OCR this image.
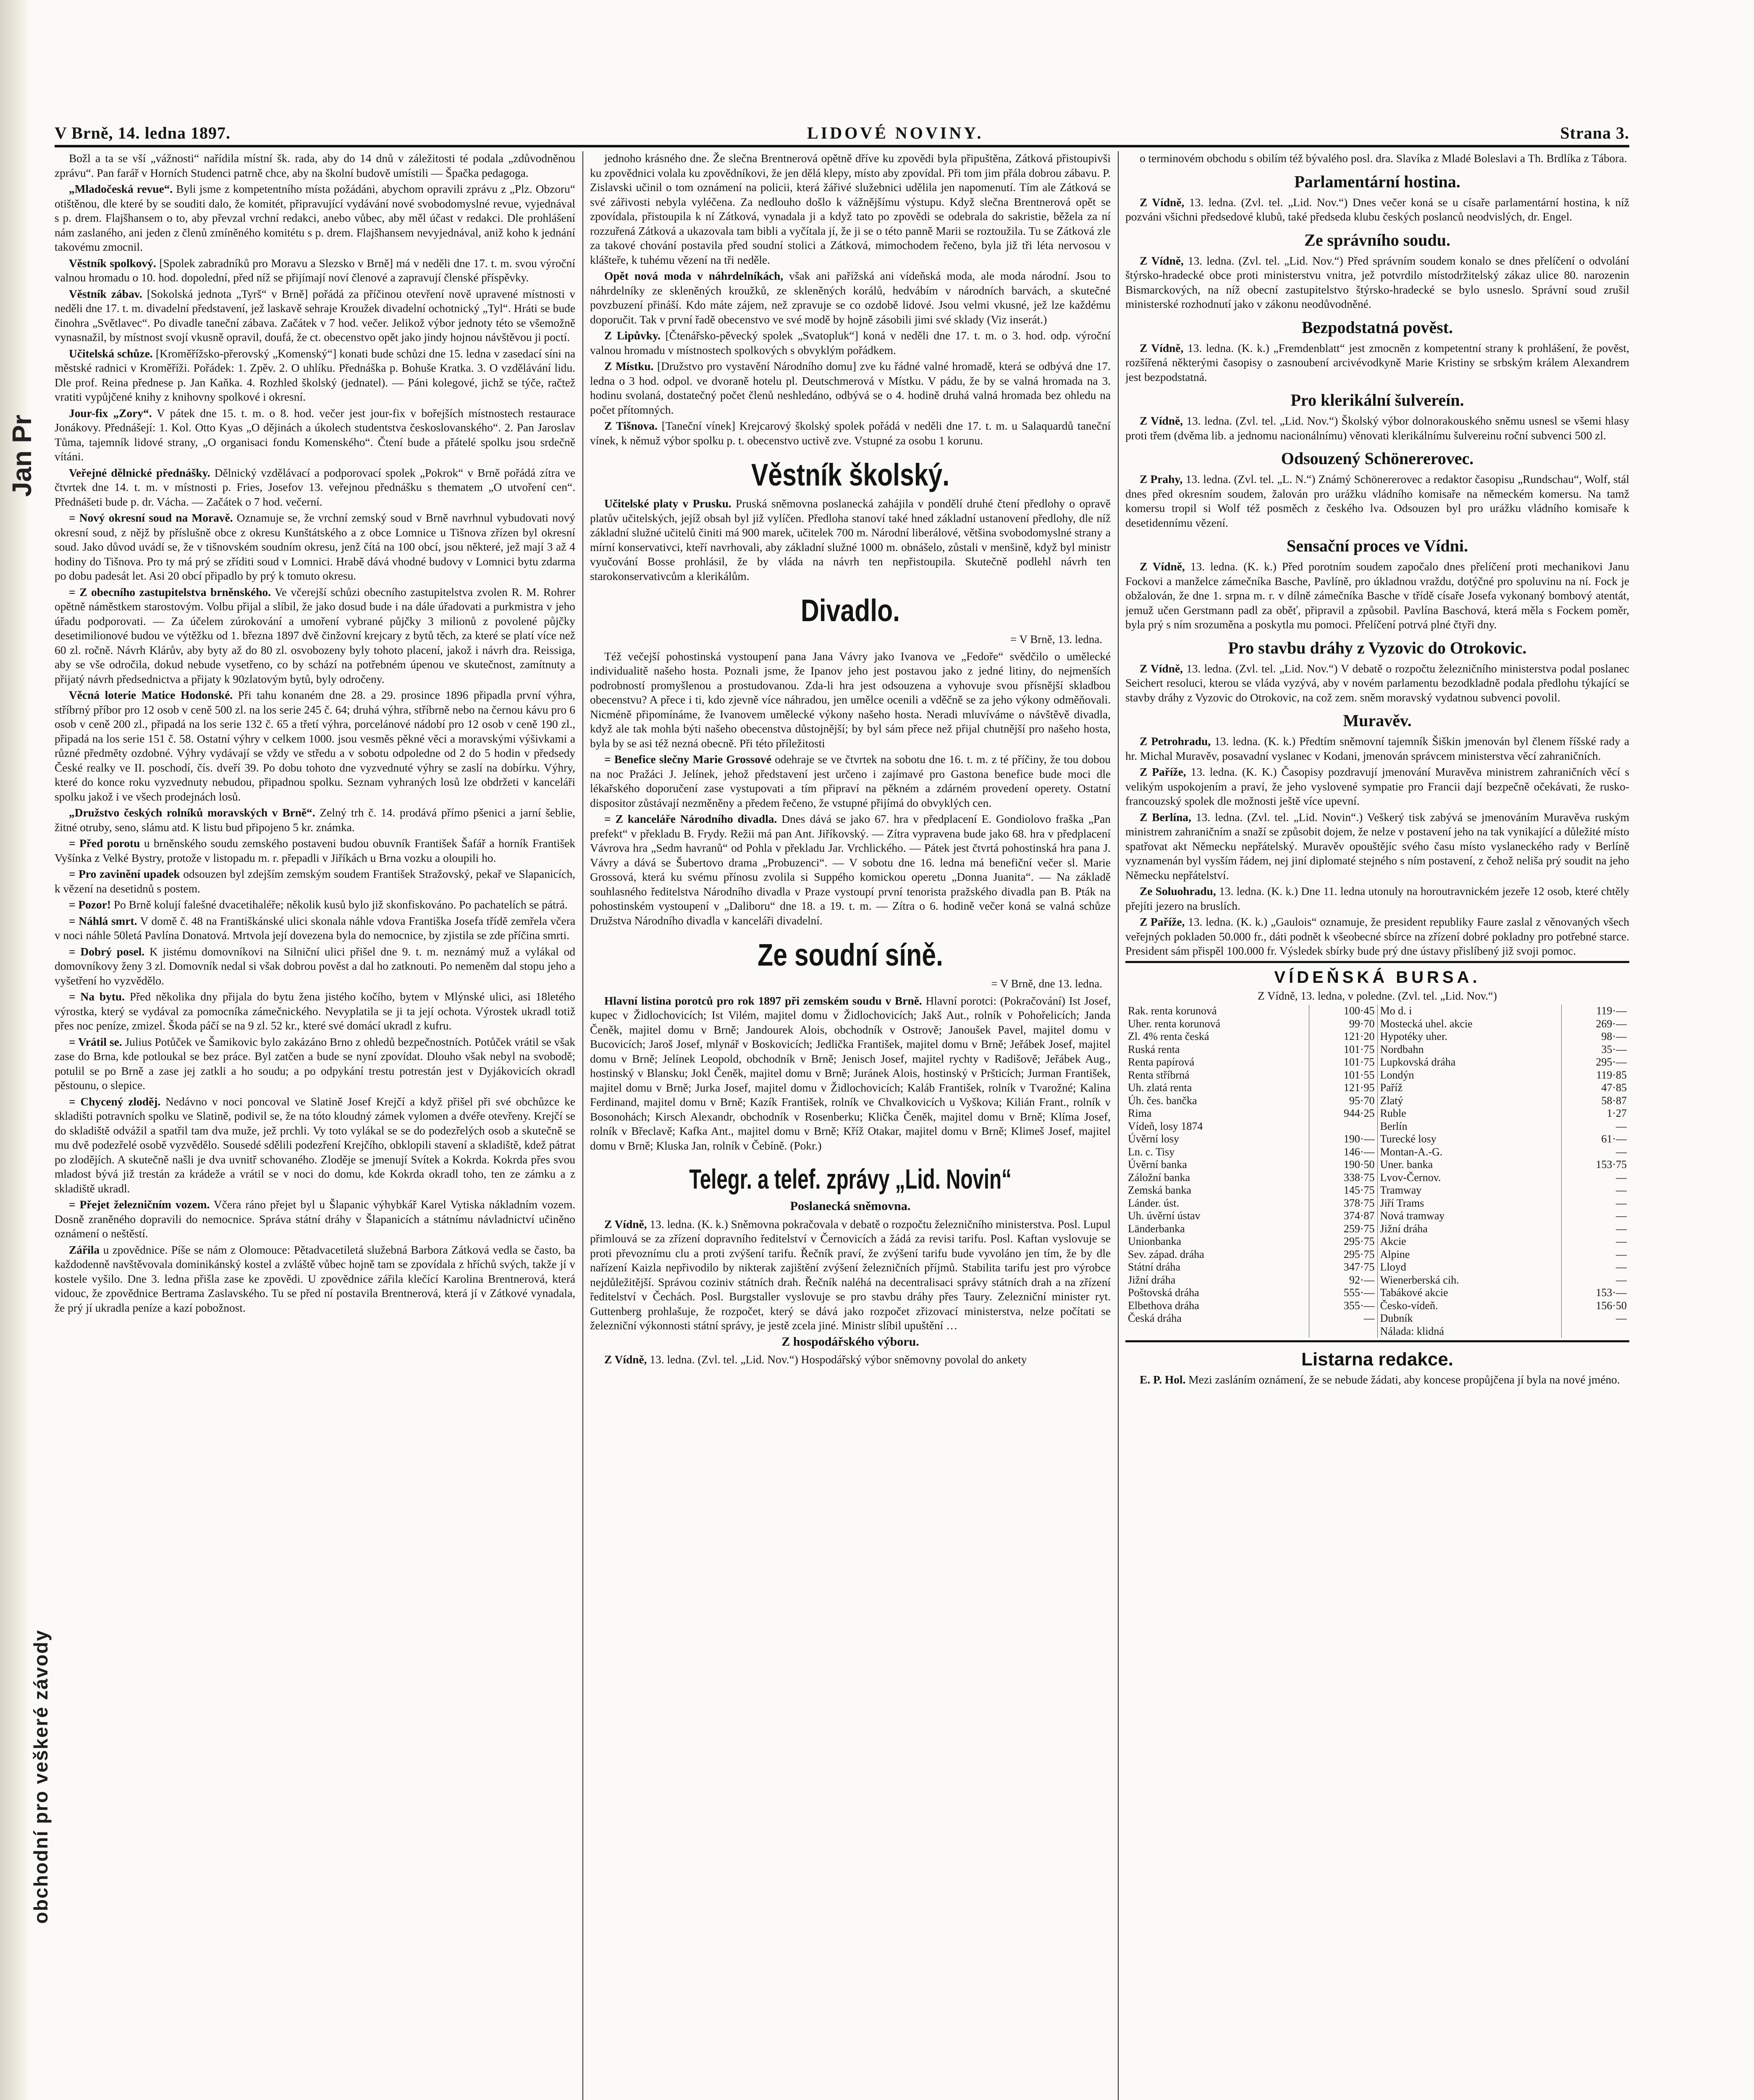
Jan Pr
obchodní pro veškeré závody
V Brně, 14. ledna 1897.	LIDOVÉ NOVINY.	Strana 3.

Božl a ta se vší „vážnosti“ nařídila místní šk. rada, aby do 14 dnů v záležitosti té podala „zdůvodněnou zprávu“. Pan farář v Horních Studenci patrně chce, aby na školní budově umístili — Špačka pedagoga.

„Mladočeská revue“. Byli jsme z kompetentního místa požádáni, abychom opravili zprávu z „Plz. Obzoru“ otištěnou, dle které by se souditi dalo, že komitét, připravující vydávání nové svobodomyslné revue, vyjednával s p. drem. Flajšhansem o to, aby převzal vrchní redakci, anebo vůbec, aby měl účast v redakci. Dle prohlášení nám zaslaného, ani jeden z členů zmíněného komitétu s p. drem. Flajšhansem nevyjednával, aniž koho k jednání takovému zmocnil.

Věstník spolkový. [Spolek zabradníků pro Moravu a Slezsko v Brně] má v neděli dne 17. t. m. svou výroční valnou hromadu o 10. hod. dopolední, před níž se přijímají noví členové a zapravují členské příspěvky.

Věstník zábav. [Sokolská jednota „Tyrš“ v Brně] pořádá za příčinou otevření nově upravené místnosti v neděli dne 17. t. m. divadelní představení, jež laskavě sehraje Kroužek divadelní ochotnický „Tyl“. Hráti se bude činohra „Světlavec“. Po divadle taneční zábava. Začátek v 7 hod. večer. Jelikož výbor jednoty této se všemožně vynasnažil, by místnost svojí vkusně opravil, doufá, že ct. obecenstvo opět jako jindy hojnou návštěvou ji poctí.

Učitelská schůze. [Kroměřížsko-přerovský „Komenský“] konati bude schůzi dne 15. ledna v zasedací síni na městské radnici v Kroměříži. Pořádek: 1. Zpěv. 2. O uhlíku. Přednáška p. Bohuše Kratka. 3. O vzdělávání lidu. Dle prof. Reina přednese p. Jan Kaňka. 4. Rozhled školský (jednatel). — Páni kolegové, jichž se týče, račtež vratiti vypůjčené knihy z knihovny spolkové i okresní.

Jour-fix „Zory“. V pátek dne 15. t. m. o 8. hod. večer jest jour-fix v bořejších místnostech restaurace Jonákovy. Přednášejí: 1. Kol. Otto Kyas „O dějinách a úkolech studentstva českoslovanského“. 2. Pan Jaroslav Tůma, tajemník lidové strany, „O organisaci fondu Komenského“. Čtení bude a přátelé spolku jsou srdečně vítáni.

Veřejné dělnické přednášky. Dělnický vzdělávací a podporovací spolek „Pokrok“ v Brně pořádá zítra ve čtvrtek dne 14. t. m. v místnosti p. Fries, Josefov 13. veřejnou přednášku s thematem „O utvoření cen“. Přednášeti bude p. dr. Vácha. — Začátek o 7 hod. večerní.

= Nový okresní soud na Moravě. Oznamuje se, že vrchní zemský soud v Brně navrhnul vybudovati nový okresní soud, z nějž by příslušně obce z okresu Kunštátského a z obce Lomnice u Tišnova zřízen byl okresní soud. Jako důvod uvádí se, že v tišnovském soudním okresu, jenž čítá na 100 obcí, jsou některé, jež mají 3 až 4 hodiny do Tišnova. Pro ty má prý se zříditi soud v Lomnici. Hrabě dává vhodné budovy v Lomnici bytu zdarma po dobu padesát let. Asi 20 obcí připadlo by prý k tomuto okresu.

= Z obecního zastupitelstva brněnského. Ve včerejší schůzi obecního zastupitelstva zvolen R. M. Rohrer opětně náměstkem starostovým. Volbu přijal a slíbil, že jako dosud bude i na dále úřadovati a purkmistra v jeho úřadu podporovati. — Za účelem zúrokování a umoření vybrané půjčky 3 milionů z povolené půjčky desetimilionové budou ve výtěžku od 1. března 1897 dvě činžovní krejcary z bytů těch, za které se platí více než 60 zl. ročně. Návrh Klárův, aby byty až do 80 zl. osvobozeny byly tohoto placení, jakož i návrh dra. Reissiga, aby se vše odročila, dokud nebude vysetřeno, co by schází na potřebném úpenou ve skutečnost, zamítnuty a přijatý návrh předsednictva a přijaty k 90zlatovým bytů, byly odročeny.

Věcná loterie Matice Hodonské. Při tahu konaném dne 28. a 29. prosince 1896 připadla první výhra, stříbrný příbor pro 12 osob v ceně 500 zl. na los serie 245 č. 64; druhá výhra, stříbrně nebo na černou kávu pro 6 osob v ceně 200 zl., připadá na los serie 132 č. 65 a třetí výhra, porcelánové nádobí pro 12 osob v ceně 190 zl., připadá na los serie 151 č. 58. Ostatní výhry v celkem 1000. jsou vesměs pěkné věci a moravskými výšivkami a různé předměty ozdobné. Výhry vydávají se vždy ve středu a v sobotu odpoledne od 2 do 5 hodin v předsedy České realky ve II. poschodí, čís. dveří 39. Po dobu tohoto dne vyzvednuté výhry se zaslí na dobírku. Výhry, které do konce roku vyzvednuty nebudou, připadnou spolku. Seznam vyhraných losů lze obdržeti v kanceláři spolku jakož i ve všech prodejnách losů.

„Družstvo českých rolníků moravských v Brně“. Zelný trh č. 14. prodává přímo pšenici a jarní šeblie, žitné otruby, seno, slámu atd. K listu bud připojeno 5 kr. známka.

= Před porotu u brněnského soudu zemského postaveni budou obuvník František Šafář a horník František Vyšínka z Velké Bystry, protože v listopadu m. r. přepadli v Jiříkách u Brna vozku a oloupili ho.

= Pro zavinění upadek odsouzen byl zdejším zemským soudem František Stražovský, pekař ve Slapanicích, k vězení na desetidnů s postem.

= Pozor! Po Brně kolují falešné dvacetihaléře; několik kusů bylo již skonfiskováno. Po pachatelích se pátrá.

= Náhlá smrt. V domě č. 48 na Františkánské ulici skonala náhle vdova Františka Josefa třídě zemřela včera v noci náhle 50letá Pavlína Donatová. Mrtvola její dovezena byla do nemocnice, by zjistila se zde příčina smrti.

= Dobrý posel. K jistému domovníkovi na Silniční ulici přišel dne 9. t. m. neznámý muž a vylákal od domovníkovy ženy 3 zl. Domovník nedal si však dobrou pověst a dal ho zatknouti. Po nemeněm dal stopu jeho a vyšetření ho vyzvědělo.

= Na bytu. Před několika dny přijala do bytu žena jistého kočího, bytem v Mlýnské ulici, asi 18letého výrostka, který se vydával za pomocníka zámečnického. Nevyplatila se ji ta její ochota. Výrostek ukradl totiž přes noc peníze, zmizel. Škoda páčí se na 9 zl. 52 kr., které své domácí ukradl z kufru.

= Vrátil se. Julius Potůček ve Šamikovic bylo zakázáno Brno z ohledů bezpečnostních. Potůček vrátil se však zase do Brna, kde potloukal se bez práce. Byl zatčen a bude se nyní zpovídat. Dlouho však nebyl na svobodě; potulil se po Brně a zase jej zatkli a ho soudu; a po odpykání trestu potrestán jest v Dyjákovicích okradl pěstounu, o slepice.

= Chycený zloděj. Nedávno v noci poncoval ve Slatině Josef Krejčí a když přišel při své obchůzce ke skladišti potravních spolku ve Slatině, podivil se, že na tóto kloudný zámek vylomen a dvéře otevřeny. Krejčí se do skladiště odvážil a spatřil tam dva muže, jež prchli. Vy toto vylákal se se do podezřelých osob a skutečně se mu dvě podezřelé osobě vyzvědělo. Sousedé sdělili podezření Krejčího, obklopili stavení a skladiště, kdež pátrat po zlodějích. A skutečně našli je dva uvnitř schovaného. Zloděje se jmenují Svítek a Kokrda. Kokrda přes svou mladost bývá již trestán za krádeže a vrátil se v noci do domu, kde Kokrda okradl toho, ten ze zámku a z skladiště ukradl.

= Přejet železničním vozem. Včera ráno přejet byl u Šlapanic výhybkář Karel Vytiska nákladním vozem. Dosně zraněného dopravili do nemocnice. Správa státní dráhy v Šlapanicích a státnímu návladnictví učiněno oznámení o neštěstí.

Zářila u zpovědnice. Píše se nám z Olomouce: Pětadvacetiletá služebná Barbora Zátková vedla se často, ba každodenně navštěvovala dominikánský kostel a zvláště vůbec hojně tam se zpovídala z hříchů svých, takže jí v kostele vyšilo. Dne 3. ledna přišla zase ke zpovědi. U zpovědnice zářila klečící Karolina Brentnerová, která vidouc, že zpovědnice Bertrama Zaslavského. Tu se před ní postavila Brentnerová, která jí v Zátkové vynadala, že prý jí ukradla peníze a kazí pobožnost.

jednoho krásného dne. Že slečna Brentnerová opětně dříve ku zpovědi byla připuštěna, Zátková přistoupivši ku zpovědnici volala ku zpovědníkovi, že jen dělá klepy, místo aby zpovídal. Při tom jim přála dobrou zábavu. P. Zislavski učinil o tom oznámení na policii, která žářivé služebnici udělila jen napomenutí. Tím ale Zátková se své zářivosti nebyla vyléčena. Za nedlouho došlo k vážnějšímu výstupu. Když slečna Brentnerová opět se zpovídala, přistoupila k ní Zátková, vynadala ji a když tato po zpovědi se odebrala do sakristie, běžela za ní rozzuřená Zátková a ukazovala tam bibli a vyčítala jí, že ji se o této panně Marii se roztoužila. Tu se Zátková zle za takové chování postavila před soudní stolici a Zátková, mimochodem řečeno, byla již tři léta nervosou v klášteře, k tuhému vězení na tři neděle.

Opět nová moda v náhrdelníkách, však ani pařížská ani vídeňská moda, ale moda národní. Jsou to náhrdelníky ze skleněných kroužků, ze skleněných korálů, hedvábím v národních barvách, a skutečné povzbuzení přináší. Kdo máte zájem, než zpravuje se co ozdobě lidové. Jsou velmi vkusné, jež lze každému doporučit. Tak v první řadě obecenstvo ve své modě by hojně zásobili jimi své sklady (Viz inserát.)

Z Lipůvky. [Čtenářsko-pěvecký spolek „Svatopluk“] koná v neděli dne 17. t. m. o 3. hod. odp. výroční valnou hromadu v místnostech spolkových s obvyklým pořádkem.

Z Místku. [Družstvo pro vystavění Národního domu] zve ku řádné valné hromadě, která se odbývá dne 17. ledna o 3 hod. odpol. ve dvoraně hotelu pl. Deutschmerová v Místku. V pádu, že by se valná hromada na 3. hodinu svolaná, dostatečný počet členů neshledáno, odbývá se o 4. hodině druhá valná hromada bez ohledu na počet přítomných.

Z Tišnova. [Taneční vínek] Krejcarový školský spolek pořádá v neděli dne 17. t. m. u Salaquardů taneční vínek, k němuž výbor spolku p. t. obecenstvo uctivě zve. Vstupné za osobu 1 korunu.

Věstník školský.

Učitelské platy v Prusku. Pruská sněmovna poslanecká zahájila v pondělí druhé čtení předlohy o opravě platův učitelských, jejíž obsah byl již vylíčen. Předloha stanoví také hned základní ustanovení předlohy, dle níž základní služné učitelů činiti má 900 marek, učitelek 700 m. Národní liberálové, většina svobodomyslné strany a mírní konservativci, kteří navrhovali, aby základní služné 1000 m. obnášelo, zůstali v menšině, když byl ministr vyučování Bosse prohlásil, že by vláda na návrh ten nepřistoupila. Skutečně podlehl návrh ten starokonservativcům a klerikálům.

Divadlo.
= V Brně, 13. ledna.

Též večejší pohostinská vystoupení pana Jana Vávry jako Ivanova ve „Fedoře“ svědčilo o umělecké individualitě našeho hosta. Poznali jsme, že Ipanov jeho jest postavou jako z jedné litiny, do nejmenších podrobností promyšlenou a prostudovanou. Zda-li hra jest odsouzena a vyhovuje svou přísnější skladbou obecenstvu? A přece i ti, kdo zjevně více náhradou, jen umělce ocenili a vděčně se za jeho výkony odměňovali. Nicméně připomínáme, že Ivanovem umělecké výkony našeho hosta. Neradi mluvíváme o návštěvě divadla, když ale tak mohla býti našeho obecenstva důstojnější; by byl sám přece než přijal chutnější pro našeho hosta, byla by se asi též nezná obecně. Při této příležitosti

= Benefice slečny Marie Grossové odehraje se ve čtvrtek na sobotu dne 16. t. m. z té příčiny, že tou dobou na noc Pražáci J. Jelínek, jehož představení jest určeno i zajímavé pro Gastona benefice bude moci dle lékařského doporučení zase vystupovati a tím připraví na pěkném a zdárném provedení operety. Ostatní dispositor zůstávají nezměněny a předem řečeno, že vstupné přijímá do obvyklých cen.

= Z kanceláře Národního divadla. Dnes dává se jako 67. hra v předplacení E. Gondiolovo fraška „Pan prefekt“ v překladu B. Frydy. Režii má pan Ant. Jiříkovský. — Zítra vypravena bude jako 68. hra v předplacení Vávrova hra „Sedm havranů“ od Pohla v překladu Jar. Vrchlického. — Pátek jest čtvrtá pohostinská hra pana J. Vávry a dává se Šubertovo drama „Probuzenci“. — V sobotu dne 16. ledna má benefiční večer sl. Marie Grossová, která ku svému přínosu zvolila si Suppého komickou operetu „Donna Juanita“. — Na základě souhlasného ředitelstva Národního divadla v Praze vystoupí první tenorista pražského divadla pan B. Pták na pohostinském vystoupení v „Daliboru“ dne 18. a 19. t. m. — Zítra o 6. hodině večer koná se valná schůze Družstva Národního divadla v kanceláři divadelní.

Ze soudní síně.
= V Brně, dne 13. ledna.

Hlavní listina porotců pro rok 1897 při zemském soudu v Brně. Hlavní porotci: (Pokračování) Ist Josef, kupec v Židlochovicích; Ist Vilém, majitel domu v Židlochovicích; Jakš Aut., rolník v Pohořelicích; Janda Čeněk, majitel domu v Brně; Jandourek Alois, obchodník v Ostrově; Janoušek Pavel, majitel domu v Bucovicích; Jaroš Josef, mlynář v Boskovicích; Jedlička František, majitel domu v Brně; Jeřábek Josef, majitel domu v Brně; Jelínek Leopold, obchodník v Brně; Jenisch Josef, majitel rychty v Radišově; Jeřábek Aug., hostinský v Blansku; Jokl Čeněk, majitel domu v Brně; Juránek Alois, hostinský v Pršticích; Jurman František, majitel domu v Brně; Jurka Josef, majitel domu v Židlochovicích; Kaláb František, rolník v Tvarožné; Kalina Ferdinand, majitel domu v Brně; Kazík František, rolník ve Chvalkovicích u Vyškova; Kilián Frant., rolník v Bosonohách; Kirsch Alexandr, obchodník v Rosenberku; Klička Čeněk, majitel domu v Brně; Klíma Josef, rolník v Břeclavě; Kafka Ant., majitel domu v Brně; Kříž Otakar, majitel domu v Brně; Klimeš Josef, majitel domu v Brně; Kluska Jan, rolník v Čebíně. (Pokr.)

Telegr. a telef. zprávy „Lid. Novin“
Poslanecká sněmovna.

Z Vídně, 13. ledna. (K. k.) Sněmovna pokračovala v debatě o rozpočtu železničního ministerstva. Posl. Lupul přimlouvá se za zřízení dopravního ředitelství v Černovicích a žádá za revisi tarifu. Posl. Kaftan vyslovuje se proti převoznímu clu a proti zvýšení tarifu. Řečník praví, že zvýšení tarifu bude vyvoláno jen tím, že by dle nařízení Kaizla nepřivodilo by nikterak zajištění zvýšení železničních příjmů. Stabilita tarifu jest pro výrobce nejdůležitější. Správou coziniv státních drah. Řečník naléhá na decentralisaci správy státních drah a na zřízení ředitelství v Čechách. Posl. Burgstaller vyslovuje se pro stavbu dráhy přes Taury. Zelezniční minister ryt. Guttenberg prohlašuje, že rozpočet, který se dává jako rozpočet zřizovací ministerstva, nelze počítati se železniční výkonnosti státní správy, je jestě zcela jiné. Ministr slíbil upuštění …

Z hospodářského výboru.

Z Vídně, 13. ledna. (Zvl. tel. „Lid. Nov.“) Hospodářský výbor sněmovny povolal do ankety

o terminovém obchodu s obilím též bývalého posl. dra. Slavíka z Mladé Boleslavi a Th. Brdlíka z Tábora.

Parlamentární hostina.

Z Vídně, 13. ledna. (Zvl. tel. „Lid. Nov.“) Dnes večer koná se u císaře parlamentární hostina, k níž pozváni všichni předsedové klubů, také předseda klubu českých poslanců neodvislých, dr. Engel.

Ze správního soudu.

Z Vídně, 13. ledna. (Zvl. tel. „Lid. Nov.“) Před správním soudem konalo se dnes přelíčení o odvolání štýrsko-hradecké obce proti ministerstvu vnitra, jež potvrdilo místodržitelský zákaz ulice 80. narozenin Bismarckových, na níž obecní zastupitelstvo štýrsko-hradecké se bylo usneslo. Správní soud zrušil ministerské rozhodnutí jako v zákonu neodůvodněné.

Bezpodstatná pověst.

Z Vídně, 13. ledna. (K. k.) „Fremdenblatt“ jest zmocněn z kompetentní strany k prohlášení, že pověst, rozšířená některými časopisy o zasnoubení arcivévodkyně Marie Kristiny se srbským králem Alexandrem jest bezpodstatná.

Pro klerikální šulvereín.

Z Vídně, 13. ledna. (Zvl. tel. „Lid. Nov.“) Školský výbor dolnorakouského sněmu usnesl se všemi hlasy proti třem (dvěma lib. a jednomu nacionálnímu) věnovati klerikálnímu šulvereinu roční subvenci 500 zl.

Odsouzený Schönererovec.

Z Prahy, 13. ledna. (Zvl. tel. „L. N.“) Známý Schönererovec a redaktor časopisu „Rundschau“, Wolf, stál dnes před okresním soudem, žalován pro urážku vládního komisaře na německém komersu. Na tamž komersu tropil si Wolf též posměch z českého lva. Odsouzen byl pro urážku vládního komisaře k desetidennímu vězení.

Sensační proces ve Vídni.

Z Vídně, 13. ledna. (K. k.) Před porotním soudem započalo dnes přelíčení proti mechanikovi Janu Fockovi a manželce zámečníka Basche, Pavlíně, pro úkladnou vraždu, dotýčné pro spoluvinu na ní. Fock je obžalován, že dne 1. srpna m. r. v dílně zámečníka Basche v třídě císaře Josefa vykonaný bombový atentát, jemuž učen Gerstmann padl za oběť, připravil a způsobil. Pavlína Baschová, která měla s Fockem poměr, byla prý s ním srozuměna a poskytla mu pomoci. Přelíčení potrvá plné čtyři dny.

Pro stavbu dráhy z Vyzovic do Otrokovic.

Z Vídně, 13. ledna. (Zvl. tel. „Lid. Nov.“) V debatě o rozpočtu železničního ministerstva podal poslanec Seichert resoluci, kterou se vláda vyzývá, aby v novém parlamentu bezodkladně podala předlohu týkající se stavby dráhy z Vyzovic do Otrokovic, na což zem. sněm moravský vydatnou subvenci povolil.

Muravěv.

Z Petrohradu, 13. ledna. (K. k.) Předtím sněmovní tajemník Šiškin jmenován byl členem říšské rady a hr. Michal Muravěv, posavadní vyslanec v Kodani, jmenován správcem ministerstva věcí zahraničních.

Z Paříže, 13. ledna. (K. K.) Časopisy pozdravují jmenování Muravěva ministrem zahraničních věcí s velikým uspokojením a praví, že jeho vyslovené sympatie pro Francii dají bezpečně očekávati, že rusko-francouzský spolek dle možnosti ještě více upevní.

Z Berlína, 13. ledna. (Zvl. tel. „Lid. Novin“.) Veškerý tisk zabývá se jmenováním Muravěva ruským ministrem zahraničním a snaží se způsobit dojem, že nelze v postavení jeho na tak vynikající a důležité místo spatřovat akt Německu nepřátelský. Muravěv opouštějíc svého času místo vyslaneckého rady v Berlíně vyznamenán byl vysším řádem, nej jiní diplomaté stejného s ním postavení, z čehož neliša prý soudit na jeho Německu nepřátelství.

Ze Soluohradu, 13. ledna. (K. k.) Dne 11. ledna utonuly na horoutravnickém jezeře 12 osob, které chtěly přejíti jezero na bruslích.

Z Paříže, 13. ledna. (K. k.) „Gaulois“ oznamuje, že president republiky Faure zaslal z věnovaných všech veřejných pokladen 50.000 fr., dáti podnět k všeobecné sbírce na zřízení dobré pokladny pro potřebné starce. President sám přispěl 100.000 fr. Výsledek sbírky bude prý dne ústavy přislíbený již svoji pomoc.

VÍDEŇSKÁ BURSA.
Z Vídně, 13. ledna, v poledne. (Zvl. tel. „Lid. Nov.“)
Rak. renta korunová	100·45	Mo d. i	119·—
Uher. renta korunová	99·70	Mostecká uhel. akcie	269·—
Zl. 4% renta česká	121·20	Hypotéky uher.	98·—
Ruská renta	101·75	Nordbahn	35·—
Renta papírová	101·75	Lupkovská dráha	295·—
Renta stříbrná	101·55	Londýn	119·85
Uh. zlatá renta	121·95	Paříž	47·85
Úh. čes. bančka	95·70	Zlatý	58·87
Rima	944·25	Ruble	1·27
Vídeň, losy 1874		Berlín	—
Úvěrní losy	190·—	Turecké losy	61·—
Ln. c. Tisy	146·—	Montan-A.-G.	—
Úvěrní banka	190·50	Uner. banka	153·75
Záložní banka	338·75	Lvov-Černov.	—
Zemská banka	145·75	Tramway	—
Lánder. úst.	378·75	Jiří Trams	—
Uh. úvěrní ústav	374·87	Nová tramway	—
Länderbanka	259·75	Jižní dráha	—
Unionbanka	295·75	Akcie	—
Sev. západ. dráha	295·75	Alpine	—
Státní dráha	347·75	Lloyd	—
Jižní dráha	92·—	Wienerberská cih.	—
Poštovská dráha	555·—	Tabákové akcie	153·—
Elbethova dráha	355·—	Česko-vídeň.	156·50
Česká dráha	—	Dubník	—
		Nálada: klidná	
Listarna redakce.

E. P. Hol. Mezi zasláním oznámení, že se nebude žádati, aby koncese propůjčena jí byla na nové jméno.
